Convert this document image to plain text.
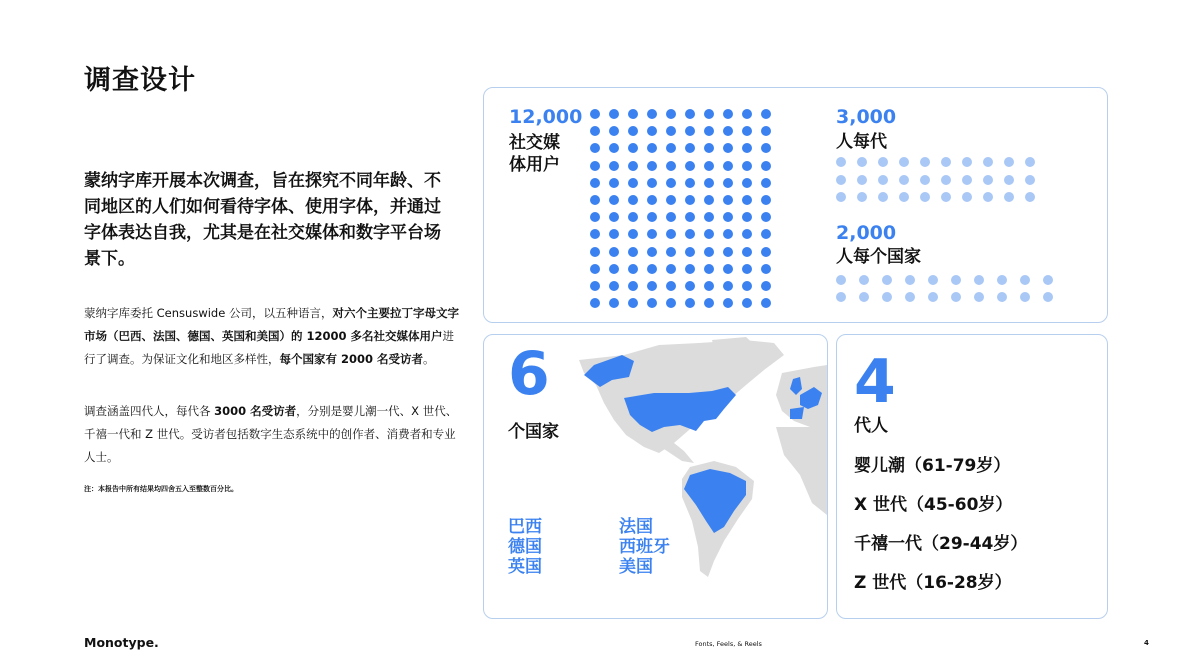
调查设计
蒙纳字库开展本次调查，旨在探究不同年龄、不同地区的人们如何看待字体、使用字体，并通过字体表达自我，尤其是在社交媒体和数字平台场景下。
蒙纳字库委托 Censuswide 公司，以五种语言，对六个主要拉丁字母文字市场（巴西、法国、德国、英国和美国）的 12000 多名社交媒体用户进行了调查。为保证文化和地区多样性，每个国家有 2000 名受访者。
调查涵盖四代人，每代各 3000 名受访者，分别是婴儿潮一代、X 世代、千禧一代和 Z 世代。受访者包括数字生态系统中的创作者、消费者和专业人士。
注：本报告中所有结果均四舍五入至整数百分比。
12,000
社交媒
体用户
3,000
人每代
2,000
人每个国家
6
个国家
巴西
德国
英国
法国
西班牙
美国
4
代人
婴儿潮（61-79岁）
X 世代（45-60岁）
千禧一代（29-44岁）
Z 世代（16-28岁）
Monotype.	Fonts, Feels, & Reels	4
